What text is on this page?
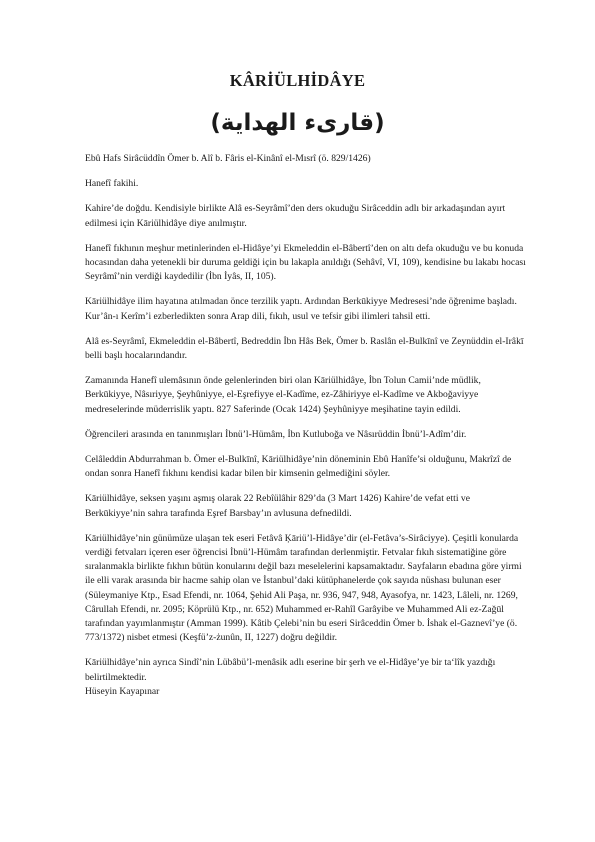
KÂRİÜLHİDÂYE
(قارىء الهداية)

Ebû Hafs Sirâcüddîn Ömer b. Alî b. Fâris el-Kinânî el-Mısrî (ö. 829/1426)

Hanefî fakihi.

Kahire’de doğdu. Kendisiyle birlikte Alâ es-Seyrâmî’den ders okuduğu Sirâceddin adlı bir arkadaşından ayırt edilmesi için Kāriülhidâye diye anılmıştır.

Hanefî fıkhının meşhur metinlerinden el-Hidâye’yi Ekmeleddin el-Bâbertî’den on altı defa okuduğu ve bu konuda hocasından daha yetenekli bir duruma geldiği için bu lakapla anıldığı (Sehâvî, VI, 109), kendisine bu lakabı hocası Seyrâmî’nin verdiği kaydedilir (İbn İyâs, II, 105).

Kāriülhidâye ilim hayatına atılmadan önce terzilik yaptı. Ardından Berkūkiyye Medresesi’nde öğrenime başladı. Kur’ân-ı Kerîm’i ezberledikten sonra Arap dili, fıkıh, usul ve tefsir gibi ilimleri tahsil etti.

Alâ es-Seyrâmî, Ekmeleddin el-Bâbertî, Bedreddin İbn Hâs Bek, Ömer b. Raslân el-Bulkīnî ve Zeynüddin el-Irâkī belli başlı hocalarındandır.

Zamanında Hanefî ulemâsının önde gelenlerinden biri olan Kāriülhidâye, İbn Tolun Camii’nde müdlik, Berkūkiyye, Nâsıriyye, Şeyhûniyye, el-Eşrefiyye el-Kadîme, ez-Zâhiriyye el-Kadîme ve Akboğaviyye medreselerinde müderrislik yaptı. 827 Saferinde (Ocak 1424) Şeyhûniyye meşihatine tayin edildi.

Öğrencileri arasında en tanınmışları İbnü’l-Hümâm, İbn Kutluboğa ve Nâsırüddin İbnü’l-Adîm’dir.

Celâleddin Abdurrahman b. Ömer el-Bulkīnî, Kāriülhidâye’nin döneminin Ebû Hanîfe’si olduğunu, Makrîzî de ondan sonra Hanefî fıkhını kendisi kadar bilen bir kimsenin gelmediğini söyler.

Kāriülhidâye, seksen yaşını aşmış olarak 22 Rebîülâhir 829’da (3 Mart 1426) Kahire’de vefat etti ve Berkūkiyye’nin sahra tarafında Eşref Barsbay’ın avlusuna defnedildi.

Kāriülhidâye’nin günümüze ulaşan tek eseri Fetâvâ Ķāriü’l-Hidâye’dir (el-Fetâva’s-Sirâciyye). Çeşitli konularda verdiği fetvaları içeren eser öğrencisi İbnü’l-Hümâm tarafından derlenmiştir. Fetvalar fıkıh sistematiğine göre sıralanmakla birlikte fıkhın bütün konularını değil bazı meselelerini kapsamaktadır. Sayfaların ebadına göre yirmi ile elli varak arasında bir hacme sahip olan ve İstanbul’daki kütüphanelerde çok sayıda nüshası bulunan eser (Süleymaniye Ktp., Esad Efendi, nr. 1064, Şehid Ali Paşa, nr. 936, 947, 948, Ayasofya, nr. 1423, Lâleli, nr. 1269, Cârullah Efendi, nr. 2095; Köprülü Ktp., nr. 652) Muhammed er-Rahîl Garâyibe ve Muhammed Ali ez-Zağūl tarafından yayımlanmıştır (Amman 1999). Kâtib Çelebi’nin bu eseri Sirâceddin Ömer b. İshak el-Gaznevî’ye (ö. 773/1372) nisbet etmesi (Keşfü’z-żunûn, II, 1227) doğru değildir.

Kāriülhidâye’nin ayrıca Sindî’nin Lübâbü’l-menâsik adlı eserine bir şerh ve el-Hidâye’ye bir ta‘lîk yazdığı belirtilmektedir.

Hüseyin Kayapınar
